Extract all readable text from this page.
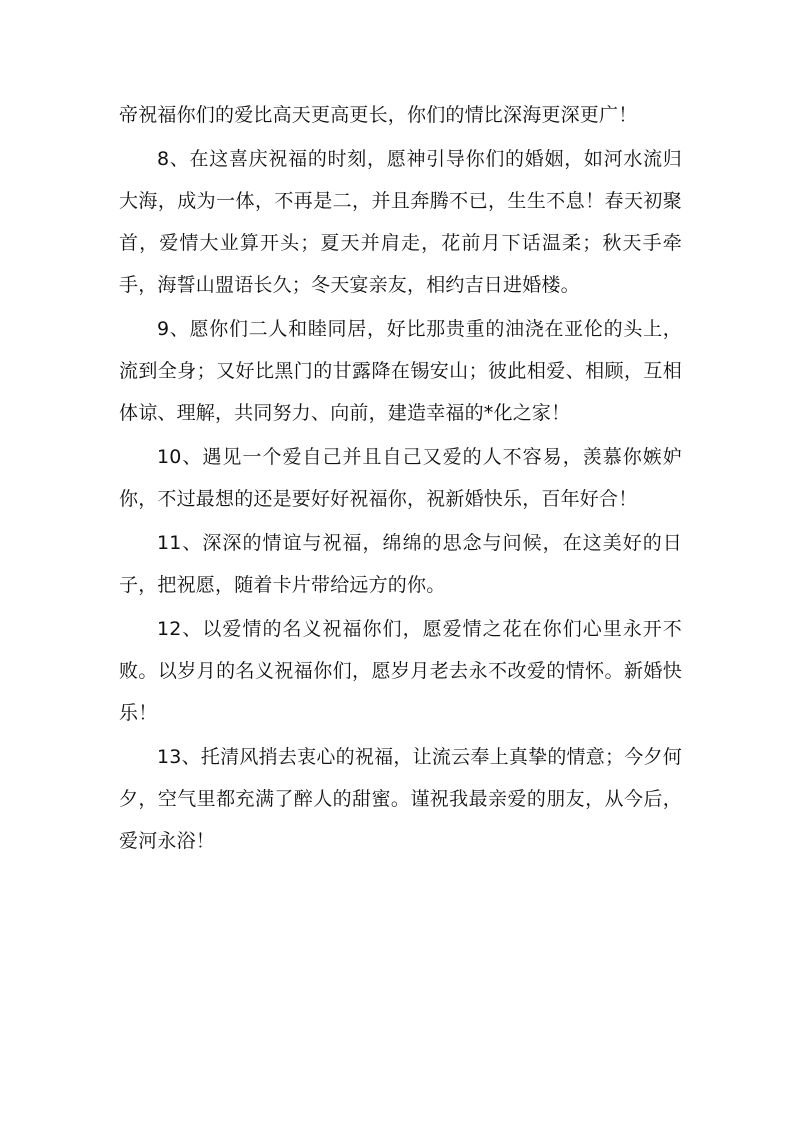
帝祝福你们的爱比高天更高更长，你们的情比深海更深更广！

8、在这喜庆祝福的时刻，愿神引导你们的婚姻，如河水流归大海，成为一体，不再是二，并且奔腾不已，生生不息！春天初聚首，爱情大业算开头；夏天并肩走，花前月下话温柔；秋天手牵手，海誓山盟语长久；冬天宴亲友，相约吉日进婚楼。

9、愿你们二人和睦同居，好比那贵重的油浇在亚伦的头上，流到全身；又好比黑门的甘露降在锡安山；彼此相爱、相顾，互相体谅、理解，共同努力、向前，建造幸福的*化之家！

10、遇见一个爱自己并且自己又爱的人不容易，羡慕你嫉妒你，不过最想的还是要好好祝福你，祝新婚快乐，百年好合！

11、深深的情谊与祝福，绵绵的思念与问候，在这美好的日子，把祝愿，随着卡片带给远方的你。

12、以爱情的名义祝福你们，愿爱情之花在你们心里永开不败。以岁月的名义祝福你们，愿岁月老去永不改爱的情怀。新婚快乐！

13、托清风捎去衷心的祝福，让流云奉上真挚的情意；今夕何夕，空气里都充满了醉人的甜蜜。谨祝我最亲爱的朋友，从今后，爱河永浴！
